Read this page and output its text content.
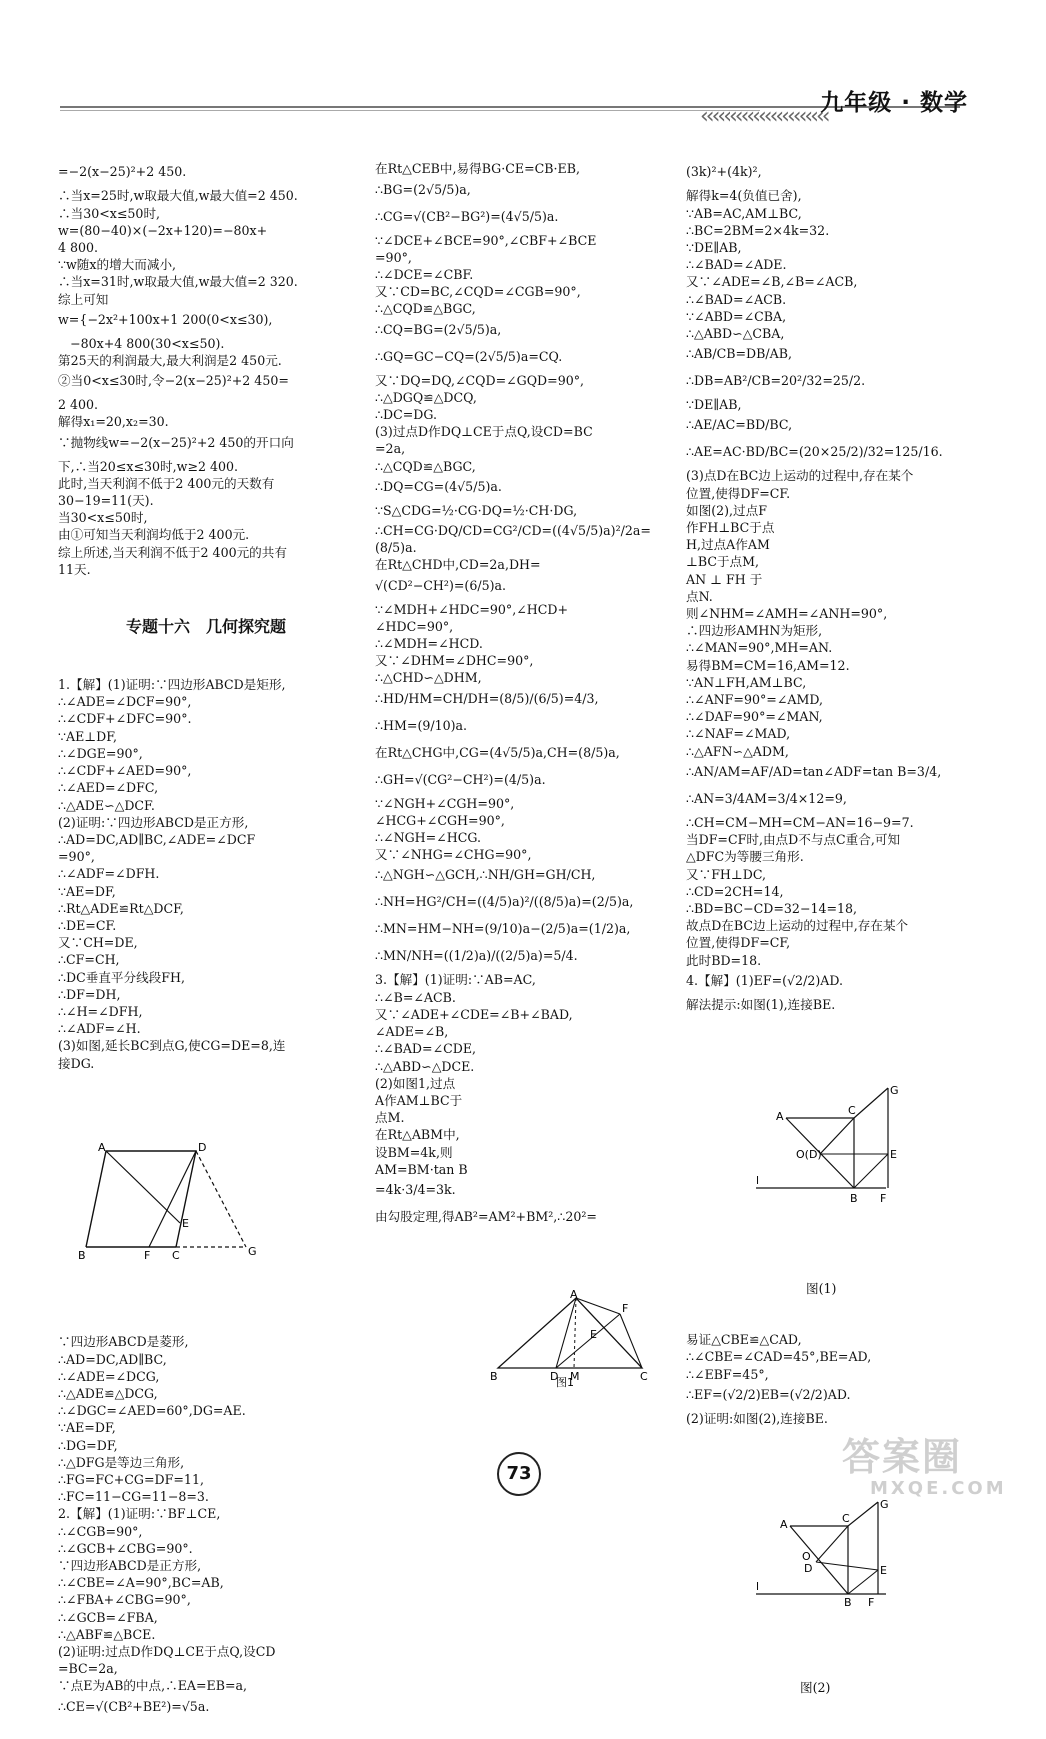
‹‹‹‹‹‹‹‹‹‹‹‹‹‹‹‹‹‹‹‹‹‹
九年级 · 数学

=−2(x−25)²+2 450.
∴当x=25时,w取最大值,w最大值=2 450.
∴当30<x≤50时,
w=(80−40)×(−2x+120)=−80x+
4 800.
∵w随x的增大而减小,
∴当x=31时,w取最大值,w最大值=2 320.
综上可知
w={−2x²+100x+1 200(0<x≤30),
−80x+4 800(30<x≤50).
第25天的利润最大,最大利润是2 450元.
②当0<x≤30时,令−2(x−25)²+2 450=
2 400.
解得x₁=20,x₂=30.
∵抛物线w=−2(x−25)²+2 450的开口向
下,∴当20≤x≤30时,w≥2 400.
此时,当天利润不低于2 400元的天数有
30−19=11(天).
当30<x≤50时,
由①可知当天利润均低于2 400元.
综上所述,当天利润不低于2 400元的共有
11天.

专题十六　几何探究题

1.【解】(1)证明:∵四边形ABCD是矩形,
∴∠ADE=∠DCF=90°,
∴∠CDF+∠DFC=90°.
∵AE⊥DF,
∴∠DGE=90°,
∴∠CDF+∠AED=90°,
∴∠AED=∠DFC,
∴△ADE∽△DCF.
(2)证明:∵四边形ABCD是正方形,
∴AD=DC,AD∥BC,∠ADE=∠DCF
=90°,
∴∠ADF=∠DFH.
∵AE=DF,
∴Rt△ADE≌Rt△DCF,
∴DE=CF.
又∵CH=DE,
∴CF=CH,
∴DC垂直平分线段FH,
∴DF=DH,
∴∠H=∠DFH,
∴∠ADF=∠H.
(3)如图,延长BC到点G,使CG=DE=8,连
接DG.

A	D
B	F C	G
E

∵四边形ABCD是菱形,
∴AD=DC,AD∥BC,
∴∠ADE=∠DCG,
∴△ADE≌△DCG,
∴∠DGC=∠AED=60°,DG=AE.
∵AE=DF,
∴DG=DF,
∴△DFG是等边三角形,
∴FG=FC+CG=DF=11,
∴FC=11−CG=11−8=3.
2.【解】(1)证明:∵BF⊥CE,
∴∠CGB=90°,
∴∠GCB+∠CBG=90°.
∵四边形ABCD是正方形,
∴∠CBE=∠A=90°,BC=AB,
∴∠FBA+∠CBG=90°,
∴∠GCB=∠FBA,
∴△ABF≌△BCE.
(2)证明:过点D作DQ⊥CE于点Q,设CD
=BC=2a,
∵点E为AB的中点,∴EA=EB=a,
∴CE=√(CB²+BE²)=√5a.

在Rt△CEB中,易得BG·CE=CB·EB,
∴BG=(2√5/5)a,
∴CG=√(CB²−BG²)=(4√5/5)a.
∵∠DCE+∠BCE=90°,∠CBF+∠BCE
=90°,
∴∠DCE=∠CBF.
又∵CD=BC,∠CQD=∠CGB=90°,
∴△CQD≌△BGC,
∴CQ=BG=(2√5/5)a,
∴GQ=GC−CQ=(2√5/5)a=CQ.
又∵DQ=DQ,∠CQD=∠GQD=90°,
∴△DGQ≌△DCQ,
∴DC=DG.
(3)过点D作DQ⊥CE于点Q,设CD=BC
=2a,
∴△CQD≌△BGC,
∴DQ=CG=(4√5/5)a.
∵S△CDG=½·CG·DQ=½·CH·DG,
∴CH=CG·DQ/CD=CG²/CD=((4√5/5)a)²/2a=(8/5)a.
在Rt△CHD中,CD=2a,DH=
√(CD²−CH²)=(6/5)a.
∵∠MDH+∠HDC=90°,∠HCD+
∠HDC=90°,
∴∠MDH=∠HCD.
又∵∠DHM=∠DHC=90°,
∴△CHD∽△DHM,
∴HD/HM=CH/DH=(8/5)/(6/5)=4/3,
∴HM=(9/10)a.
在Rt△CHG中,CG=(4√5/5)a,CH=(8/5)a,
∴GH=√(CG²−CH²)=(4/5)a.
∵∠NGH+∠CGH=90°,
∠HCG+∠CGH=90°,
∴∠NGH=∠HCG.
又∵∠NHG=∠CHG=90°,
∴△NGH∽△GCH,∴NH/GH=GH/CH,
∴NH=HG²/CH=((4/5)a)²/((8/5)a)=(2/5)a,
∴MN=HM−NH=(9/10)a−(2/5)a=(1/2)a,
∴MN/NH=((1/2)a)/((2/5)a)=5/4.
3.【解】(1)证明:∵AB=AC,
∴∠B=∠ACB.
又∵∠ADE+∠CDE=∠B+∠BAD,
∠ADE=∠B,
∴∠BAD=∠CDE,
∴△ABD∽△DCE.
(2)如图1,过点
A作AM⊥BC于
点M.
在Rt△ABM中,
设BM=4k,则
AM=BM·tan B
=4k·3/4=3k.
由勾股定理,得AB²=AM²+BM²,∴20²=

A
B	C
D M
E
F
图1

(3k)²+(4k)²,
解得k=4(负值已舍),
∵AB=AC,AM⊥BC,
∴BC=2BM=2×4k=32.
∵DE∥AB,
∴∠BAD=∠ADE.
又∵∠ADE=∠B,∠B=∠ACB,
∴∠BAD=∠ACB.
∵∠ABD=∠CBA,
∴△ABD∽△CBA,
∴AB/CB=DB/AB,
∴DB=AB²/CB=20²/32=25/2.
∵DE∥AB,
∴AE/AC=BD/BC,
∴AE=AC·BD/BC=(20×25/2)/32=125/16.
(3)点D在BC边上运动的过程中,存在某个
位置,使得DF=CF.
如图(2),过点F
作FH⊥BC于点
H,过点A作AM
⊥BC于点M,
AN ⊥ FH 于
点N.
则∠NHM=∠AMH=∠ANH=90°,
∴四边形AMHN为矩形,
∴∠MAN=90°,MH=AN.
易得BM=CM=16,AM=12.
∵AN⊥FH,AM⊥BC,
∴∠ANF=90°=∠AMD,
∴∠DAF=90°=∠MAN,
∴∠NAF=∠MAD,
∴△AFN∽△ADM,
∴AN/AM=AF/AD=tan∠ADF=tan B=3/4,
∴AN=3/4AM=3/4×12=9,
∴CH=CM−MH=CM−AN=16−9=7.
当DF=CF时,由点D不与点C重合,可知
△DFC为等腰三角形.
又∵FH⊥DC,
∴CD=2CH=14,
∴BD=BC−CD=32−14=18,
故点D在BC边上运动的过程中,存在某个
位置,使得DF=CF,
此时BD=18.
4.【解】(1)EF=(√2/2)AD.
解法提示:如图(1),连接BE.

A	C
G
O(D)	E
B F
l

图(1)

易证△CBE≌△CAD,
∴∠CBE=∠CAD=45°,BE=AD,
∴∠EBF=45°,
∴EF=(√2/2)EB=(√2/2)AD.
(2)证明:如图(2),连接BE.

A	C
G
D
O
E
B F
l

图(2)

73	答案圈
MXQE.COM
